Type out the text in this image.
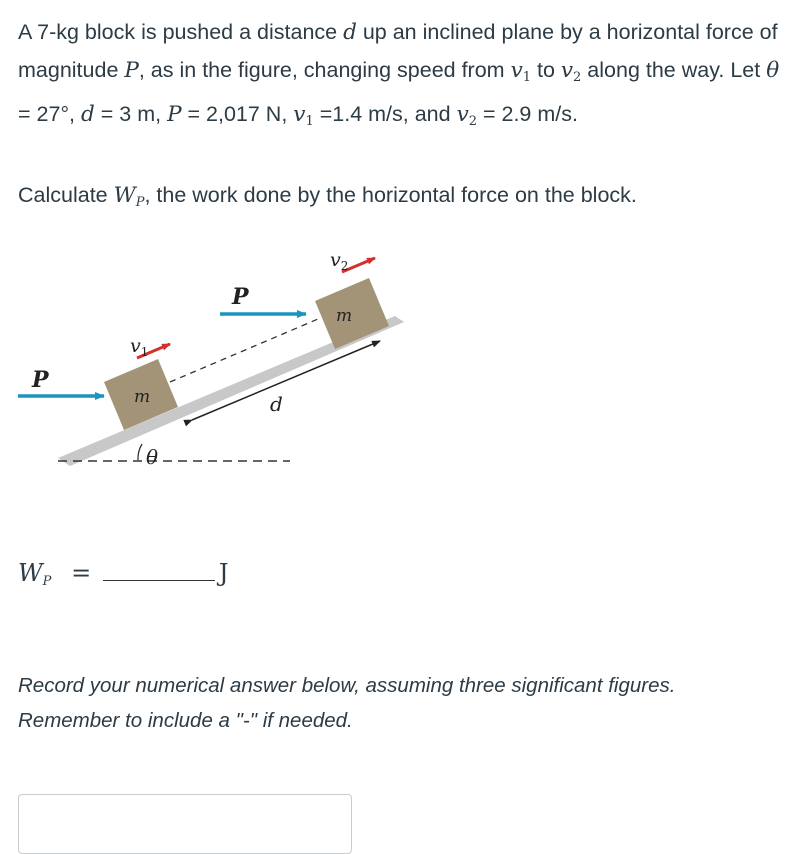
A 7-kg block is pushed a distance d up an inclined plane by a horizontal force of magnitude P, as in the figure, changing speed from $v_1$ to $v_2$ along the way. Let θ = 27°, d = 3 m, P = 2,017 N, $v_1 =1.4$ m/s, and $v_2 = 2.9$ m/s.

Calculate $W_P$, the work done by the horizontal force on the block.
P
P
$v_1$
$v_2$
m
m
d
θ
$W_P$ =	J

Record your numerical answer below, assuming three significant figures.

Remember to include a "-" if needed.
